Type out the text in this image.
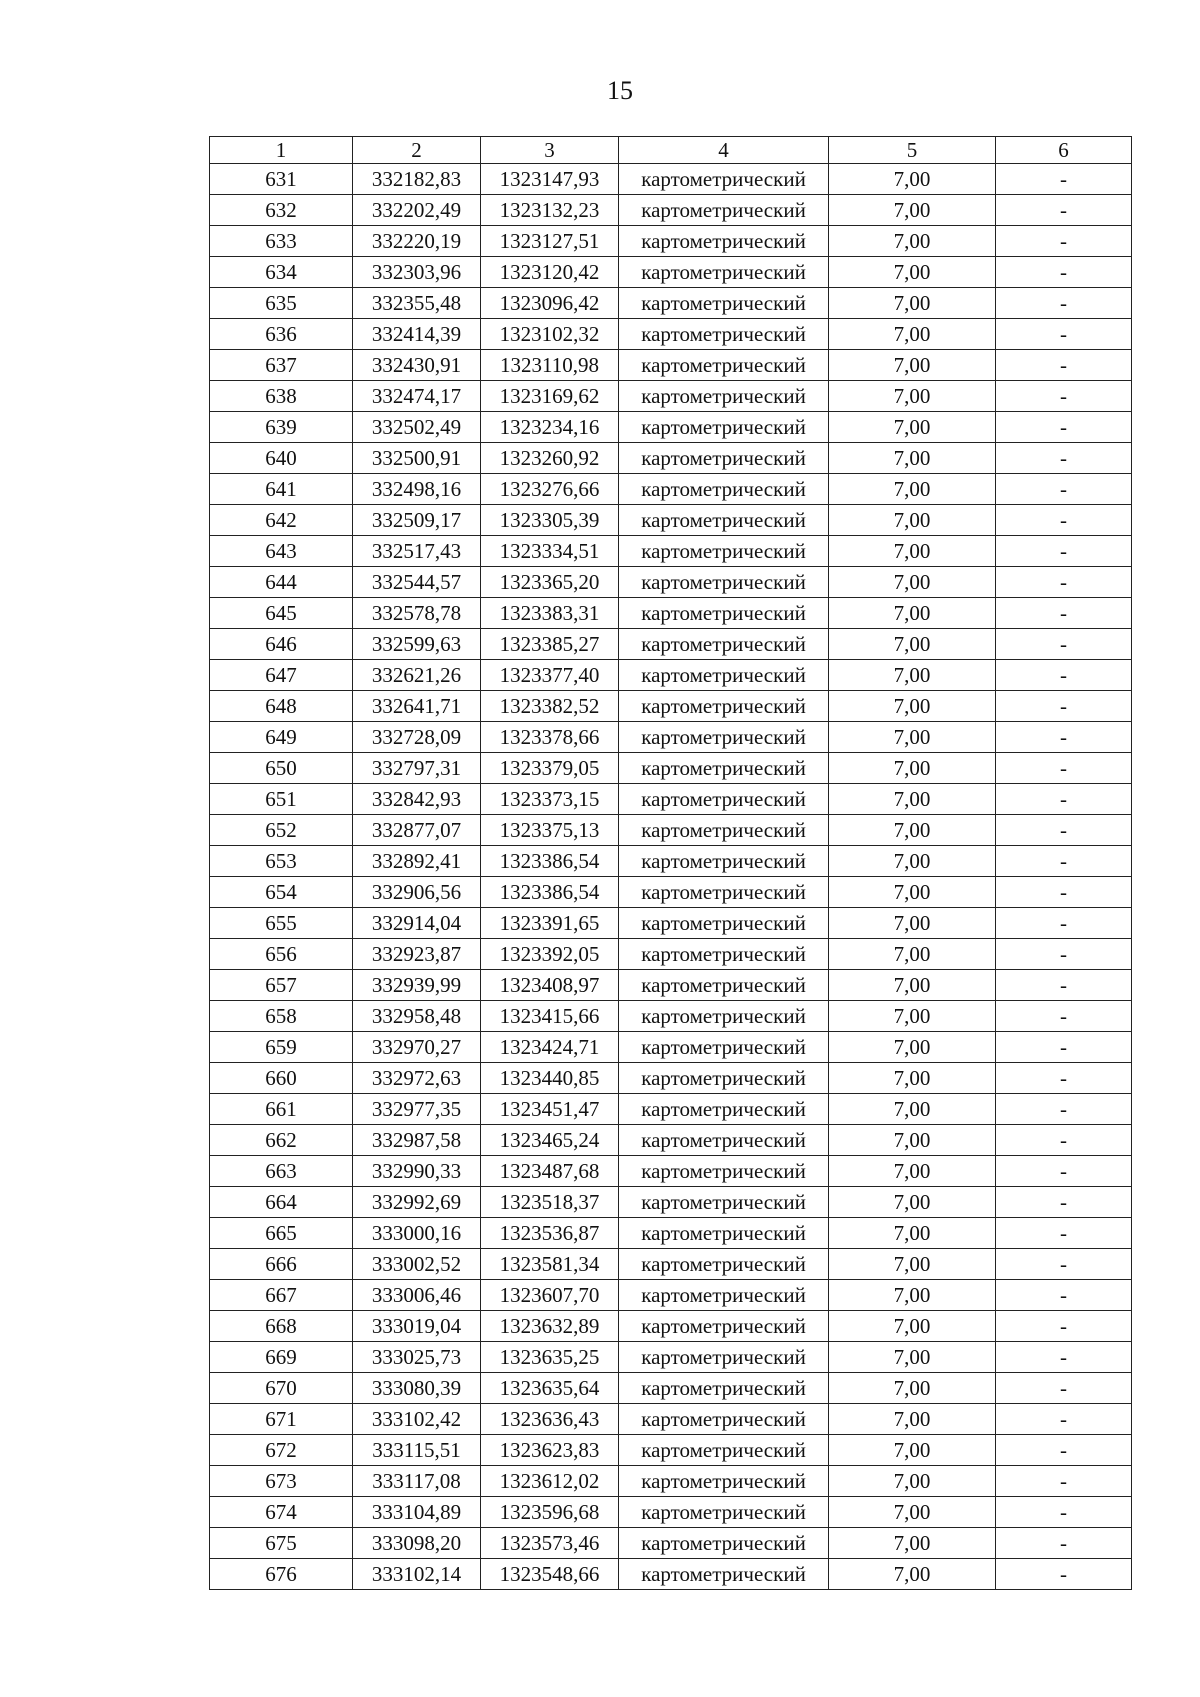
15
1	2	3	4	5	6
631	332182,83	1323147,93	картометрический	7,00	-
632	332202,49	1323132,23	картометрический	7,00	-
633	332220,19	1323127,51	картометрический	7,00	-
634	332303,96	1323120,42	картометрический	7,00	-
635	332355,48	1323096,42	картометрический	7,00	-
636	332414,39	1323102,32	картометрический	7,00	-
637	332430,91	1323110,98	картометрический	7,00	-
638	332474,17	1323169,62	картометрический	7,00	-
639	332502,49	1323234,16	картометрический	7,00	-
640	332500,91	1323260,92	картометрический	7,00	-
641	332498,16	1323276,66	картометрический	7,00	-
642	332509,17	1323305,39	картометрический	7,00	-
643	332517,43	1323334,51	картометрический	7,00	-
644	332544,57	1323365,20	картометрический	7,00	-
645	332578,78	1323383,31	картометрический	7,00	-
646	332599,63	1323385,27	картометрический	7,00	-
647	332621,26	1323377,40	картометрический	7,00	-
648	332641,71	1323382,52	картометрический	7,00	-
649	332728,09	1323378,66	картометрический	7,00	-
650	332797,31	1323379,05	картометрический	7,00	-
651	332842,93	1323373,15	картометрический	7,00	-
652	332877,07	1323375,13	картометрический	7,00	-
653	332892,41	1323386,54	картометрический	7,00	-
654	332906,56	1323386,54	картометрический	7,00	-
655	332914,04	1323391,65	картометрический	7,00	-
656	332923,87	1323392,05	картометрический	7,00	-
657	332939,99	1323408,97	картометрический	7,00	-
658	332958,48	1323415,66	картометрический	7,00	-
659	332970,27	1323424,71	картометрический	7,00	-
660	332972,63	1323440,85	картометрический	7,00	-
661	332977,35	1323451,47	картометрический	7,00	-
662	332987,58	1323465,24	картометрический	7,00	-
663	332990,33	1323487,68	картометрический	7,00	-
664	332992,69	1323518,37	картометрический	7,00	-
665	333000,16	1323536,87	картометрический	7,00	-
666	333002,52	1323581,34	картометрический	7,00	-
667	333006,46	1323607,70	картометрический	7,00	-
668	333019,04	1323632,89	картометрический	7,00	-
669	333025,73	1323635,25	картометрический	7,00	-
670	333080,39	1323635,64	картометрический	7,00	-
671	333102,42	1323636,43	картометрический	7,00	-
672	333115,51	1323623,83	картометрический	7,00	-
673	333117,08	1323612,02	картометрический	7,00	-
674	333104,89	1323596,68	картометрический	7,00	-
675	333098,20	1323573,46	картометрический	7,00	-
676	333102,14	1323548,66	картометрический	7,00	-
